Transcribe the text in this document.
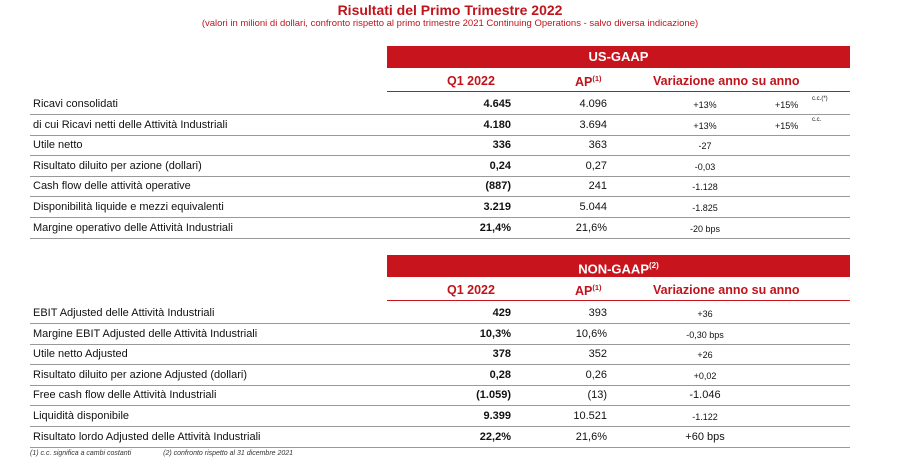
Risultati del Primo Trimestre 2022
(valori in milioni di dollari, confronto rispetto al primo trimestre 2021 Continuing Operations - salvo diversa indicazione)
US-GAAP
Q1 2022	AP$^{(1)}$	Variazione anno su anno
Ricavi consolidati	4.645	4.096	+13%	+15%
c.c.(*)
di cui Ricavi netti delle Attività Industriali	4.180	3.694	+13%	+15%
c.c.
Utile netto	336	363	-27
Risultato diluito per azione (dollari)	0,24	0,27	-0,03
Cash flow delle attività operative	(887)	241	-1.128
Disponibilità liquide e mezzi equivalenti	3.219	5.044	-1.825
Margine operativo delle Attività Industriali	21,4%	21,6%	-20 bps
NON-GAAP$^{(2)}$
Q1 2022	AP$^{(1)}$	Variazione anno su anno
EBIT Adjusted delle Attività Industriali	429	393	+36
Margine EBIT Adjusted delle Attività Industriali	10,3%	10,6%	-0,30 bps
Utile netto Adjusted	378	352	+26
Risultato diluito per azione Adjusted (dollari)	0,28	0,26	+0,02
Free cash flow delle Attività Industriali	(1.059)	(13)	-1.046
Liquidità disponibile	9.399	10.521	-1.122
Risultato lordo Adjusted delle Attività Industriali	22,2%	21,6%	+60 bps
(1) c.c. significa a cambi costanti	(2) confronto rispetto al 31 dicembre 2021
